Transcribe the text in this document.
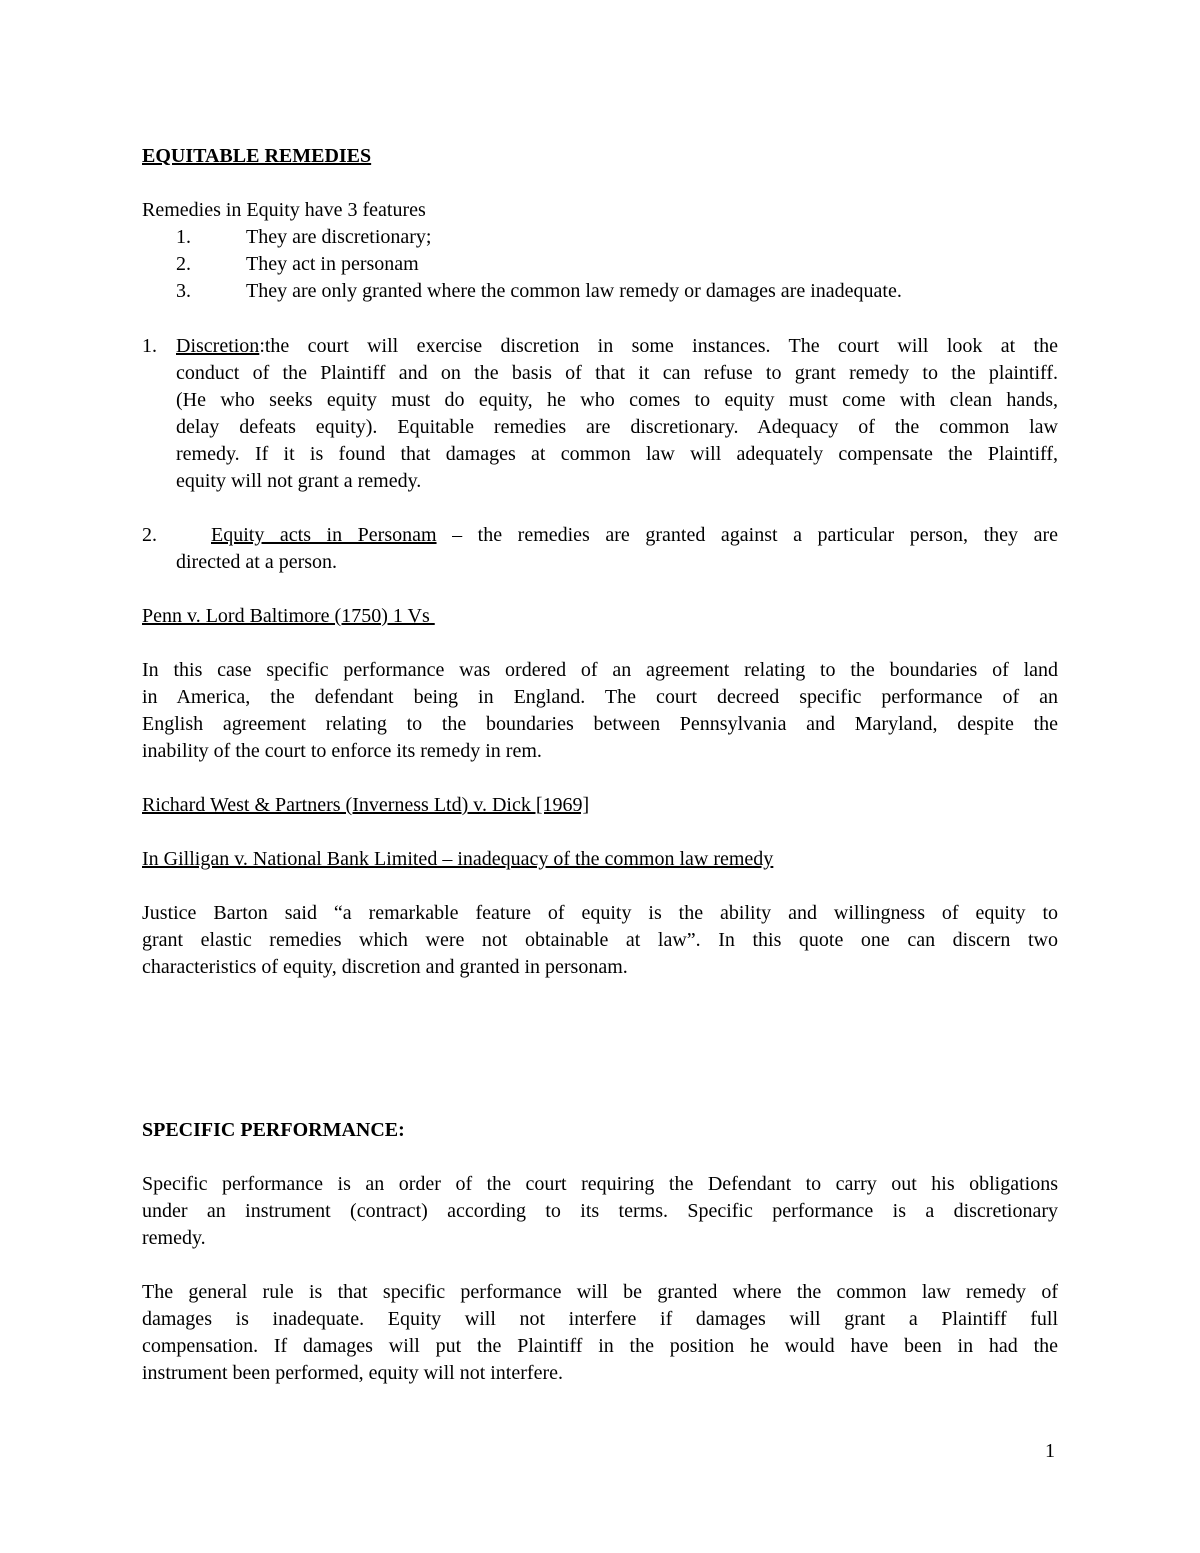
EQUITABLE REMEDIES
Remedies in Equity have 3 features
1.	They are discretionary;
2.	They act in personam
3.	They are only granted where the common law remedy or damages are inadequate.
1. Discretion:the court will exercise discretion in some instances. The court will look at the
conduct of the Plaintiff and on the basis of that it can refuse to grant remedy to the plaintiff.
(He who seeks equity must do equity, he who comes to equity must come with clean hands,
delay defeats equity). Equitable remedies are discretionary. Adequacy of the common law
remedy. If it is found that damages at common law will adequately compensate the Plaintiff,
equity will not grant a remedy.
2.	Equity acts in Personam – the remedies are granted against a particular person, they are
directed at a person.
Penn v. Lord Baltimore (1750) 1 Vs
In this case specific performance was ordered of an agreement relating to the boundaries of land
in America, the defendant being in England. The court decreed specific performance of an
English agreement relating to the boundaries between Pennsylvania and Maryland, despite the
inability of the court to enforce its remedy in rem.
Richard West & Partners (Inverness Ltd) v. Dick [1969]
In Gilligan v. National Bank Limited – inadequacy of the common law remedy
Justice Barton said “a remarkable feature of equity is the ability and willingness of equity to
grant elastic remedies which were not obtainable at law”. In this quote one can discern two
characteristics of equity, discretion and granted in personam.
SPECIFIC PERFORMANCE:
Specific performance is an order of the court requiring the Defendant to carry out his obligations
under an instrument (contract) according to its terms. Specific performance is a discretionary
remedy.
The general rule is that specific performance will be granted where the common law remedy of
damages is inadequate. Equity will not interfere if damages will grant a Plaintiff full
compensation. If damages will put the Plaintiff in the position he would have been in had the
instrument been performed, equity will not interfere.
1
